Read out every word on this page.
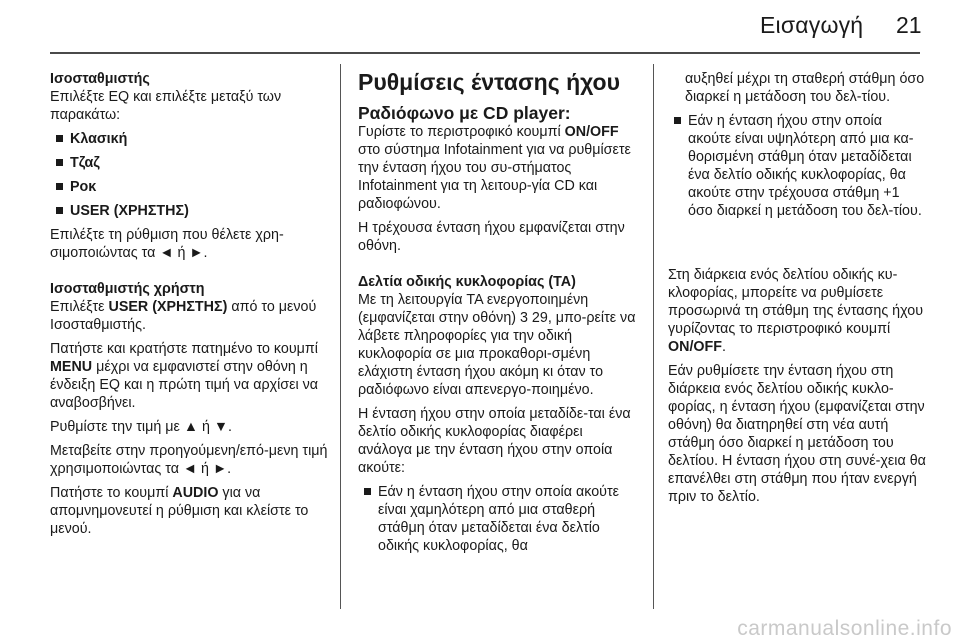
Εισαγωγή 21

Ισοσταθμιστής

Επιλέξτε EQ και επιλέξτε μεταξύ των παρακάτω:

Κλασική

Τζαζ

Ροκ

USER (ΧΡΗΣΤΗΣ)

Επιλέξτε τη ρύθμιση που θέλετε χρη-σιμοποιώντας τα ◄ ή ►.

Ισοσταθμιστής χρήστη

Επιλέξτε USER (ΧΡΗΣΤΗΣ) από το μενού Ισοσταθμιστής.

Πατήστε και κρατήστε πατημένο το κουμπί MENU μέχρι να εμφανιστεί στην οθόνη η ένδειξη EQ και η πρώτη τιμή να αρχίσει να αναβοσβήνει.

Ρυθμίστε την τιμή με ▲ ή ▼.

Μεταβείτε στην προηγούμενη/επό-μενη τιμή χρησιμοποιώντας τα ◄ ή ►.

Πατήστε το κουμπί AUDIO για να απομνημονευτεί η ρύθμιση και κλείστε το μενού.

Ρυθμίσεις έντασης ήχου

Ραδιόφωνο με CD player:

Γυρίστε το περιστροφικό κουμπί ON/OFF στο σύστημα Infotainment για να ρυθμίσετε την ένταση ήχου του συ-στήματος Infotainment για τη λειτουρ-γία CD και ραδιοφώνου.

Η τρέχουσα ένταση ήχου εμφανίζεται στην οθόνη.

Δελτία οδικής κυκλοφορίας (TA)

Με τη λειτουργία TA ενεργοποιημένη (εμφανίζεται στην οθόνη) 3 29, μπο-ρείτε να λάβετε πληροφορίες για την οδική κυκλοφορία σε μια προκαθορι-σμένη ελάχιστη ένταση ήχου ακόμη κι όταν το ραδιόφωνο είναι απενεργο-ποιημένο.

Η ένταση ήχου στην οποία μεταδίδε-ται ένα δελτίο οδικής κυκλοφορίας διαφέρει ανάλογα με την ένταση ήχου στην οποία ακούτε:

Εάν η ένταση ήχου στην οποία ακούτε είναι χαμηλότερη από μια σταθερή στάθμη όταν μεταδίδεται ένα δελτίο οδικής κυκλοφορίας, θα

αυξηθεί μέχρι τη σταθερή στάθμη όσο διαρκεί η μετάδοση του δελ-τίου.

Εάν η ένταση ήχου στην οποία ακούτε είναι υψηλότερη από μια κα-θορισμένη στάθμη όταν μεταδίδεται ένα δελτίο οδικής κυκλοφορίας, θα ακούτε στην τρέχουσα στάθμη +1 όσο διαρκεί η μετάδοση του δελ-τίου.

Στη διάρκεια ενός δελτίου οδικής κυ-κλοφορίας, μπορείτε να ρυθμίσετε προσωρινά τη στάθμη της έντασης ήχου γυρίζοντας το περιστροφικό κουμπί ON/OFF.

Εάν ρυθμίσετε την ένταση ήχου στη διάρκεια ενός δελτίου οδικής κυκλο-φορίας, η ένταση ήχου (εμφανίζεται στην οθόνη) θα διατηρηθεί στη νέα αυτή στάθμη όσο διαρκεί η μετάδοση του δελτίου. Η ένταση ήχου στη συνέ-χεια θα επανέλθει στη στάθμη που ήταν ενεργή πριν το δελτίο.

carmanualsonline.info
